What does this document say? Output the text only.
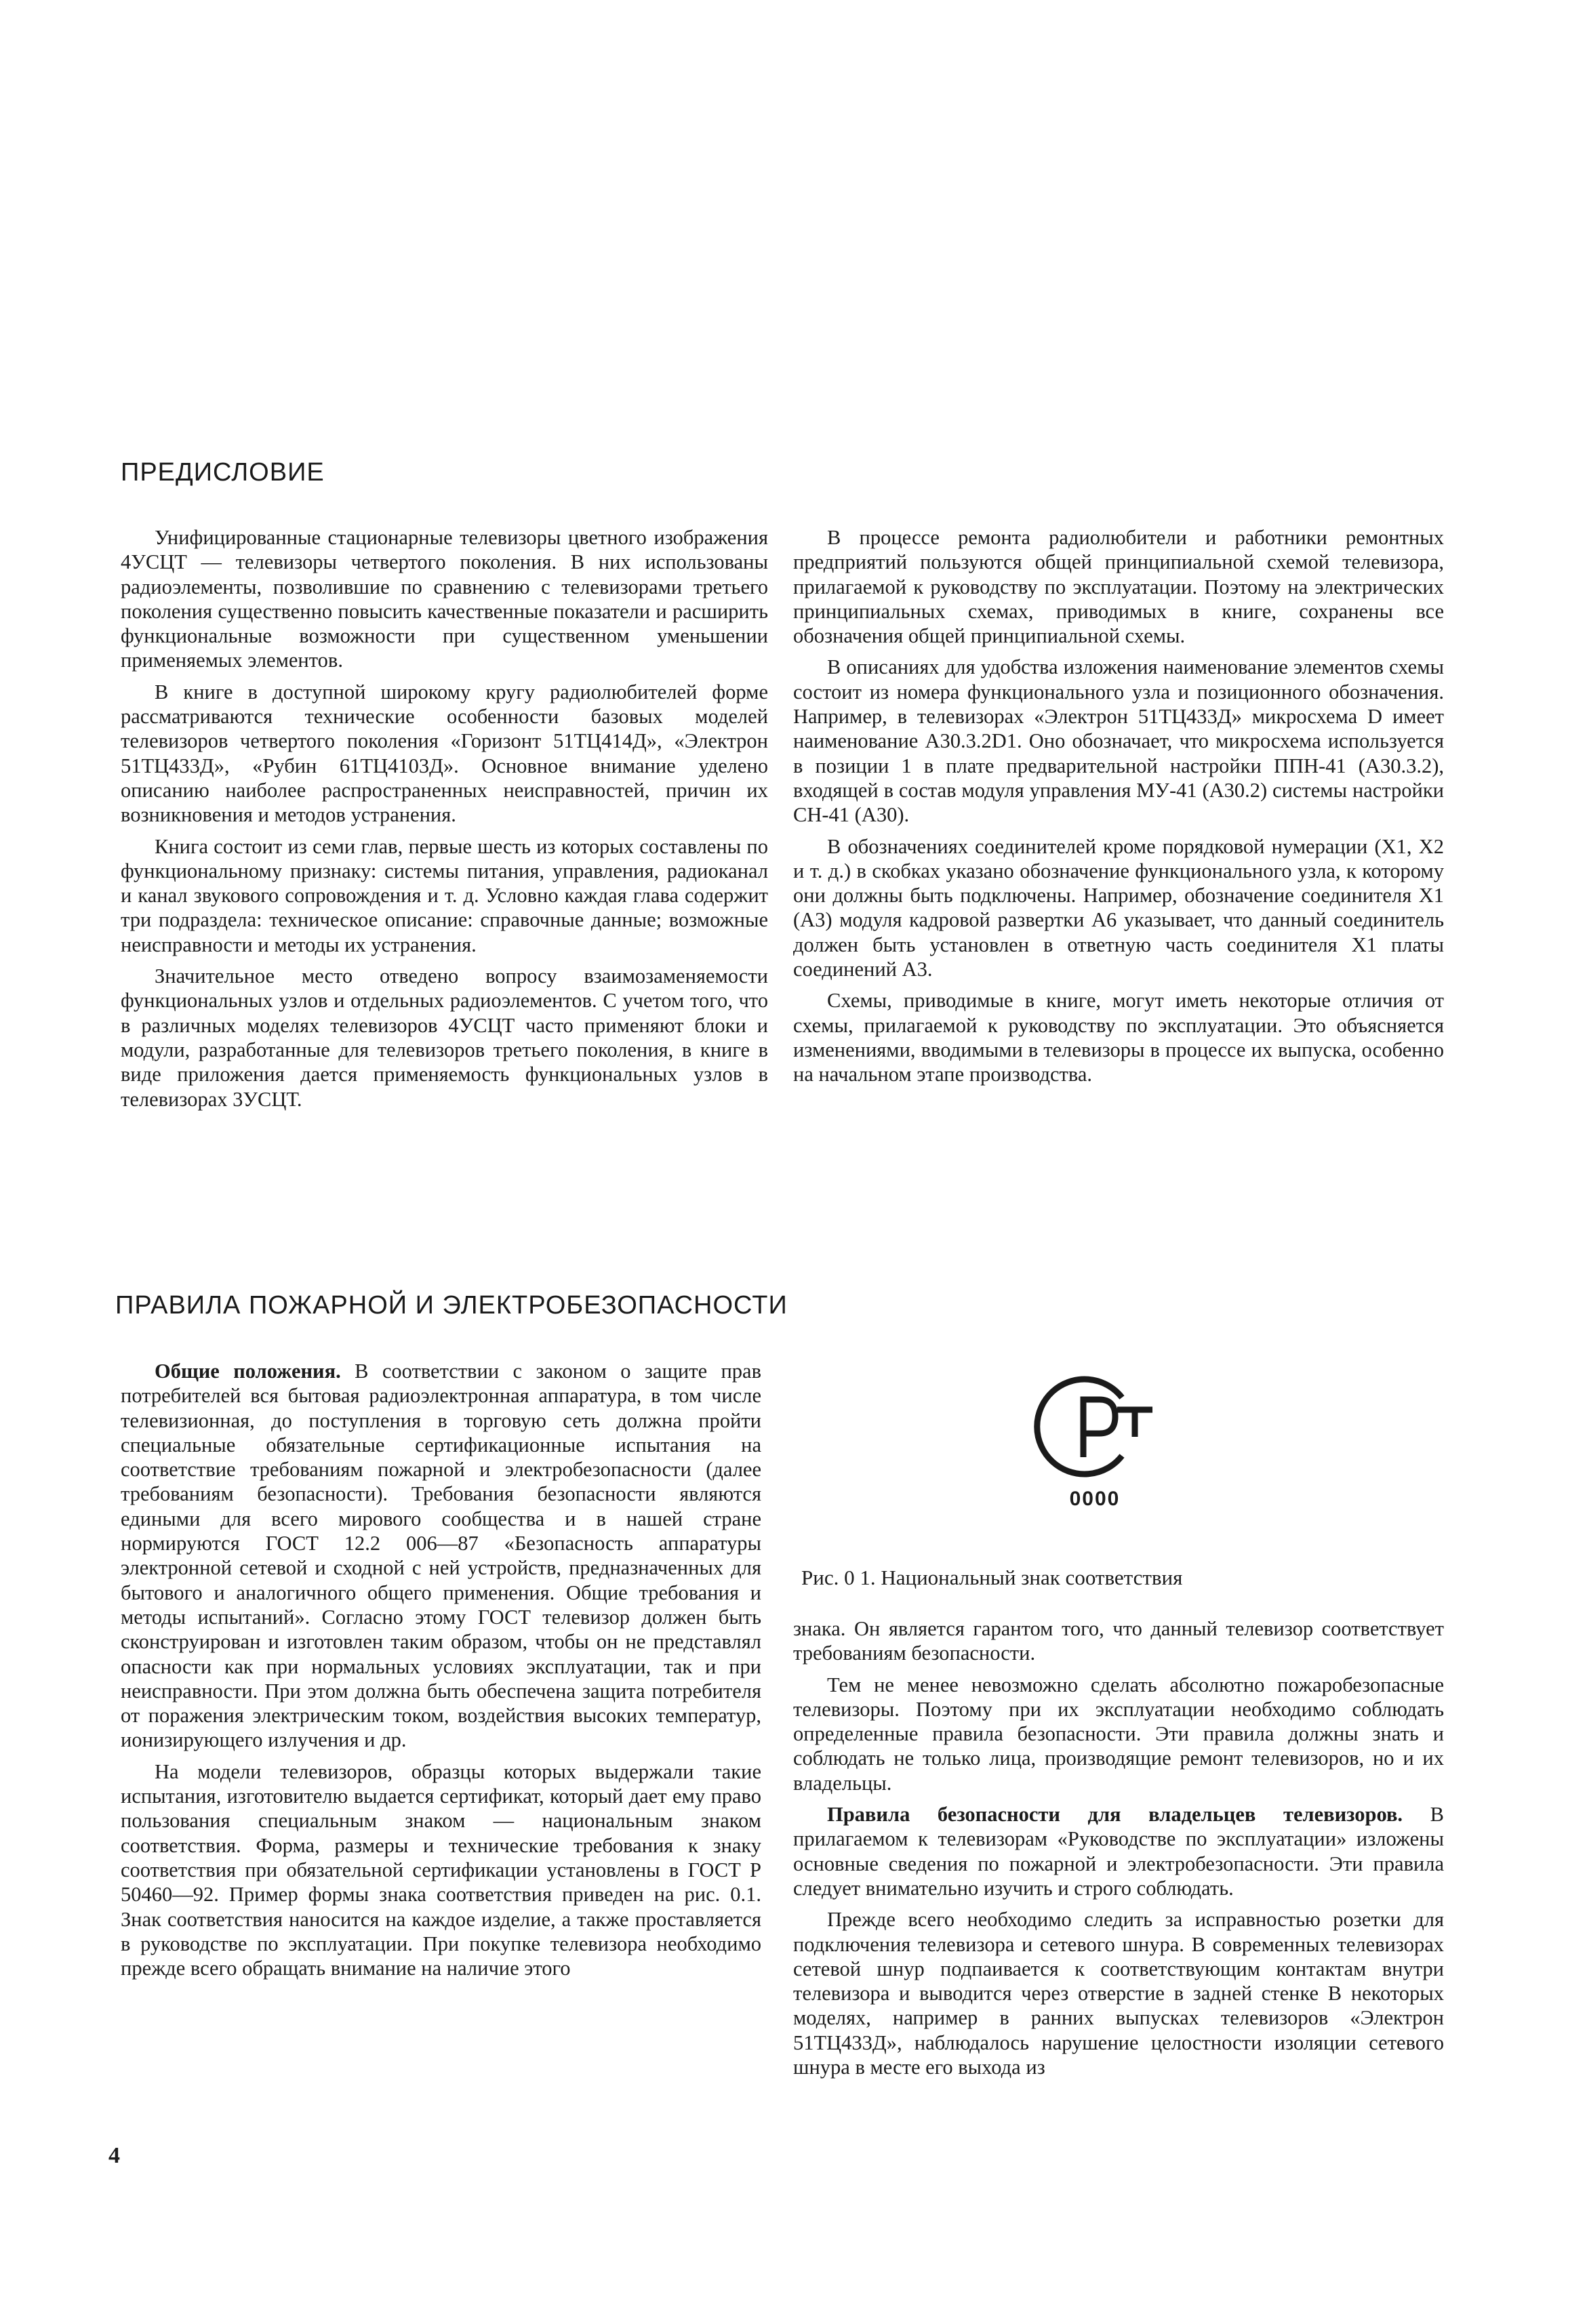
ПРЕДИСЛОВИЕ

Унифицированные стационарные телевизоры цветного изображения 4УСЦТ — телевизоры четвертого поколения. В них использованы радиоэлементы, позволившие по сравнению с телевизорами третьего поколения существенно повысить качественные показатели и расширить функциональные возможности при существенном уменьшении применяемых элементов.

В книге в доступной широкому кругу радиолюбителей форме рассматриваются технические особенности базовых моделей телевизоров четвертого поколения «Горизонт 51ТЦ414Д», «Электрон 51ТЦ433Д», «Рубин 61ТЦ4103Д». Основное внимание уделено описанию наиболее распространенных неисправностей, причин их возникновения и методов устранения.

Книга состоит из семи глав, первые шесть из которых составлены по функциональному признаку: системы питания, управления, радиоканал и канал звукового сопровождения и т. д. Условно каждая глава содержит три подраздела: техническое описание: справочные данные; возможные неисправности и методы их устранения.

Значительное место отведено вопросу взаимозаменяемости функциональных узлов и отдельных радиоэлементов. С учетом того, что в различных моделях телевизоров 4УСЦТ часто применяют блоки и модули, разработанные для телевизоров третьего поколения, в книге в виде приложения дается применяемость функциональных узлов в телевизорах 3УСЦТ.

В процессе ремонта радиолюбители и работники ремонтных предприятий пользуются общей принципиальной схемой телевизора, прилагаемой к руководству по эксплуатации. Поэтому на электрических принципиальных схемах, приводимых в книге, сохранены все обозначения общей принципиальной схемы.

В описаниях для удобства изложения наименование элементов схемы состоит из номера функционального узла и позиционного обозначения. Например, в телевизорах «Электрон 51ТЦ433Д» микросхема D имеет наименование А30.3.2D1. Оно обозначает, что микросхема используется в позиции 1 в плате предварительной настройки ППН-41 (А30.3.2), входящей в состав модуля управления МУ-41 (А30.2) системы настройки СН-41 (А30).

В обозначениях соединителей кроме порядковой нумерации (X1, X2 и т. д.) в скобках указано обозначение функционального узла, к которому они должны быть подключены. Например, обозначение соединителя X1 (А3) модуля кадровой развертки А6 указывает, что данный соединитель должен быть установлен в ответную часть соединителя X1 платы соединений А3.

Схемы, приводимые в книге, могут иметь некоторые отличия от схемы, прилагаемой к руководству по эксплуатации. Это объясняется изменениями, вводимыми в телевизоры в процессе их выпуска, особенно на начальном этапе производства.

ПРАВИЛА ПОЖАРНОЙ И ЭЛЕКТРОБЕЗОПАСНОСТИ

Общие положения. В соответствии с законом о защите прав потребителей вся бытовая радиоэлектронная аппаратура, в том числе телевизионная, до поступления в торговую сеть должна пройти специальные обязательные сертификационные испытания на соответствие требованиям пожарной и электробезопасности (далее требованиям безопасности). Требования безопасности являются едиными для всего мирового сообщества и в нашей стране нормируются ГОСТ 12.2 006—87 «Безопасность аппаратуры электронной сетевой и сходной с ней устройств, предназначенных для бытового и аналогичного общего применения. Общие требования и методы испытаний». Согласно этому ГОСТ телевизор должен быть сконструирован и изготовлен таким образом, чтобы он не представлял опасности как при нормальных условиях эксплуатации, так и при неисправности. При этом должна быть обеспечена защита потребителя от поражения электрическим током, воздействия высоких температур, ионизирующего излучения и др.

На модели телевизоров, образцы которых выдержали такие испытания, изготовителю выдается сертификат, который дает ему право пользования специальным знаком — национальным знаком соответствия. Форма, размеры и технические требования к знаку соответствия при обязательной сертификации установлены в ГОСТ Р 50460—92. Пример формы знака соответствия приведен на рис. 0.1. Знак соответствия наносится на каждое изделие, а также проставляется в руководстве по эксплуатации. При покупке телевизора необходимо прежде всего обращать внимание на наличие этого

0000
Рис. 0 1. Национальный знак соответствия

знака. Он является гарантом того, что данный телевизор соответствует требованиям безопасности.

Тем не менее невозможно сделать абсолютно пожаробезопасные телевизоры. Поэтому при их эксплуатации необходимо соблюдать определенные правила безопасности. Эти правила должны знать и соблюдать не только лица, производящие ремонт телевизоров, но и их владельцы.

Правила безопасности для владельцев телевизоров. В прилагаемом к телевизорам «Руководстве по эксплуатации» изложены основные сведения по пожарной и электробезопасности. Эти правила следует внимательно изучить и строго соблюдать.

Прежде всего необходимо следить за исправностью розетки для подключения телевизора и сетевого шнура. В современных телевизорах сетевой шнур подпаивается к соответствующим контактам внутри телевизора и выводится через отверстие в задней стенке В некоторых моделях, например в ранних выпусках телевизоров «Электрон 51ТЦ433Д», наблюдалось нарушение целостности изоляции сетевого шнура в месте его выхода из

4
